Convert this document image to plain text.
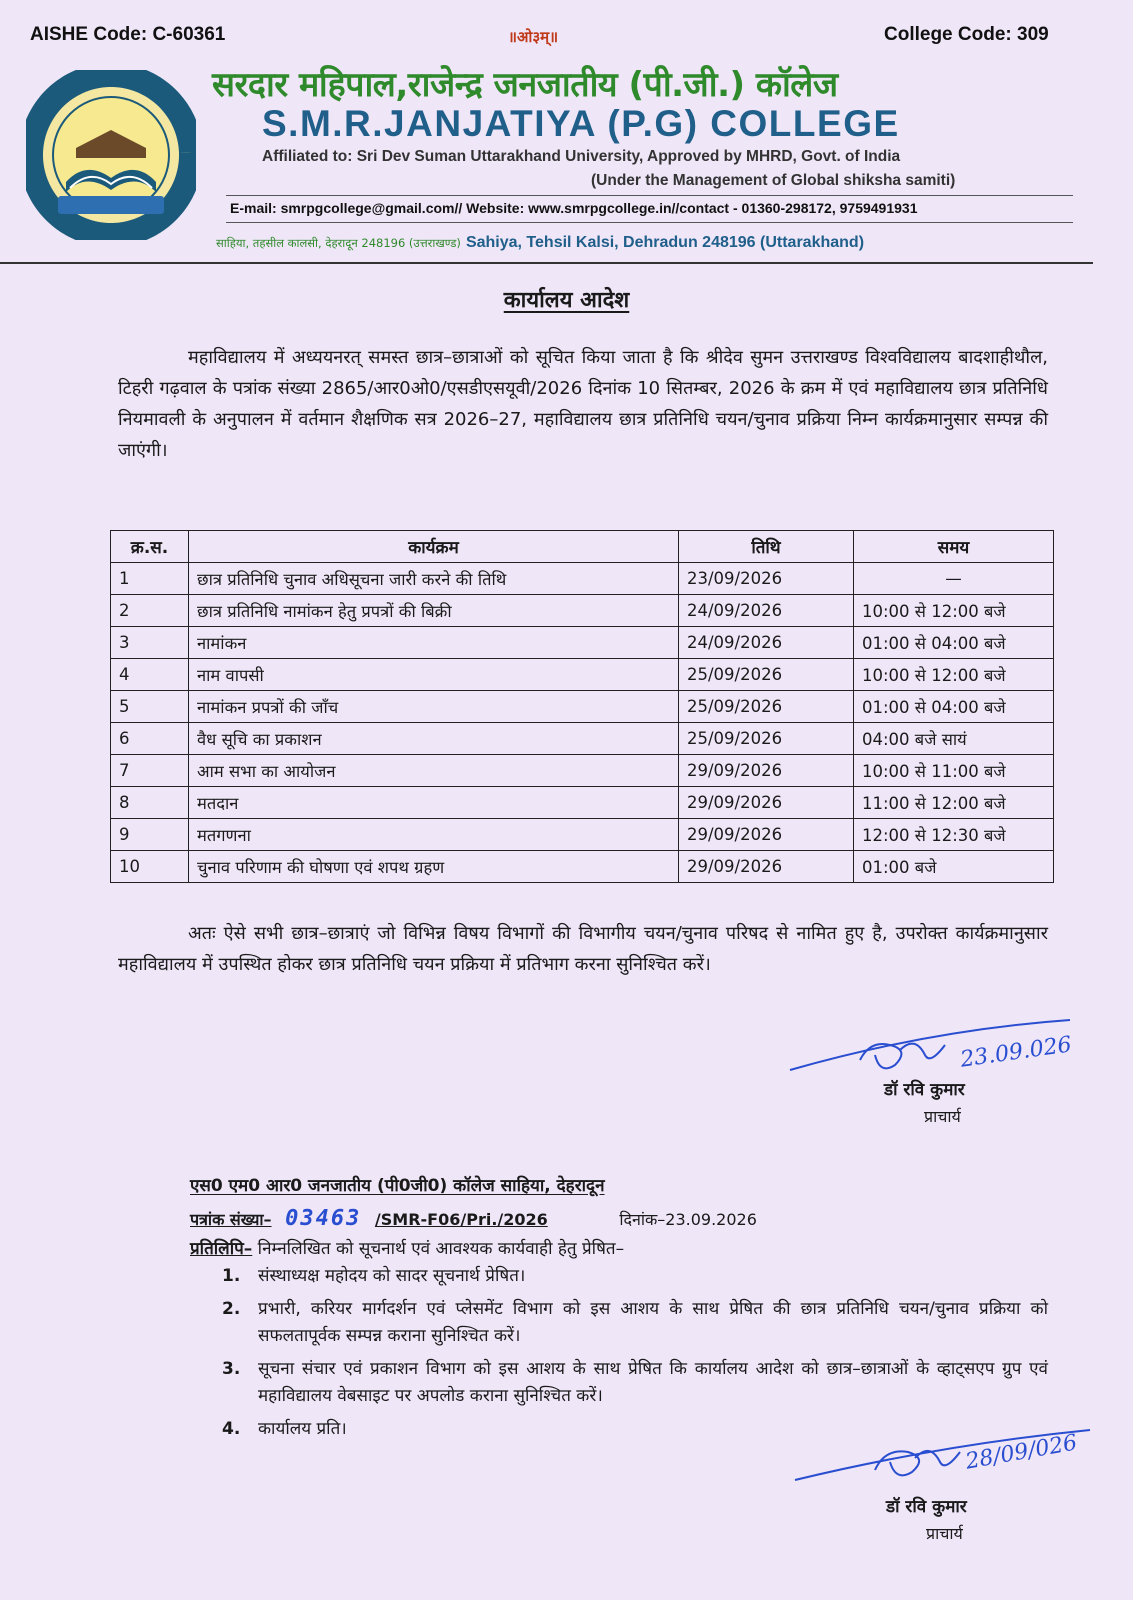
AISHE Code: C-60361	॥ओ३म्॥	College Code: 309
सरदार महिपाल,राजेन्द्र जनजातीय (पी.जी.) कॉलेज
S.M.R.JANJATIYA (P.G) COLLEGE
Affiliated to: Sri Dev Suman Uttarakhand University, Approved by MHRD, Govt. of India
(Under the Management of Global shiksha samiti)
E-mail: smrpgcollege@gmail.com// Website: www.smrpgcollege.in//contact - 01360-298172, 9759491931
साहिया, तहसील कालसी, देहरादून 248196 (उत्तराखण्ड) Sahiya, Tehsil Kalsi, Dehradun 248196 (Uttarakhand)
कार्यालय आदेश
महाविद्यालय में अध्ययनरत् समस्त छात्र–छात्राओं को सूचित किया जाता है कि श्रीदेव सुमन उत्तराखण्ड विश्वविद्यालय बादशाहीथौल, टिहरी गढ़वाल के पत्रांक संख्या 2865/आर0ओ0/एसडीएसयूवी/2026 दिनांक 10 सितम्बर, 2026 के क्रम में एवं महाविद्यालय छात्र प्रतिनिधि नियमावली के अनुपालन में वर्तमान शैक्षणिक सत्र 2026–27, महाविद्यालय छात्र प्रतिनिधि चयन/चुनाव प्रक्रिया निम्न कार्यक्रमानुसार सम्पन्न की जाएंगी।
क्र.स.	कार्यक्रम	तिथि	समय
1	छात्र प्रतिनिधि चुनाव अधिसूचना जारी करने की तिथि	23/09/2026	—
2	छात्र प्रतिनिधि नामांकन हेतु प्रपत्रों की बिक्री	24/09/2026	10:00 से 12:00 बजे
3	नामांकन	24/09/2026	01:00 से 04:00 बजे
4	नाम वापसी	25/09/2026	10:00 से 12:00 बजे
5	नामांकन प्रपत्रों की जाँच	25/09/2026	01:00 से 04:00 बजे
6	वैध सूचि का प्रकाशन	25/09/2026	04:00 बजे सायं
7	आम सभा का आयोजन	29/09/2026	10:00 से 11:00 बजे
8	मतदान	29/09/2026	11:00 से 12:00 बजे
9	मतगणना	29/09/2026	12:00 से 12:30 बजे
10	चुनाव परिणाम की घोषणा एवं शपथ ग्रहण	29/09/2026	01:00 बजे
अतः ऐसे सभी छात्र–छात्राएं जो विभिन्न विषय विभागों की विभागीय चयन/चुनाव परिषद से नामित हुए है, उपरोक्त कार्यक्रमानुसार महाविद्यालय में उपस्थित होकर छात्र प्रतिनिधि चयन प्रक्रिया में प्रतिभाग करना सुनिश्चित करें।
23.09.026
डॉ रवि कुमार
प्राचार्य
एस0 एम0 आर0 जनजातीय (पी0जी0) कॉलेज साहिया, देहरादून
पत्रांक संख्या– 03463 /SMR-F06/Pri./2026	दिनांक–23.09.2026
प्रतिलिपि– निम्नलिखित को सूचनार्थ एवं आवश्यक कार्यवाही हेतु प्रेषित–
1.	संस्थाध्यक्ष महोदय को सादर सूचनार्थ प्रेषित।
2.	प्रभारी, करियर मार्गदर्शन एवं प्लेसमेंट विभाग को इस आशय के साथ प्रेषित की छात्र प्रतिनिधि चयन/चुनाव प्रक्रिया को सफलतापूर्वक सम्पन्न कराना सुनिश्चित करें।
3.	सूचना संचार एवं प्रकाशन विभाग को इस आशय के साथ प्रेषित कि कार्यालय आदेश को छात्र–छात्राओं के व्हाट्सएप ग्रुप एवं महाविद्यालय वेबसाइट पर अपलोड कराना सुनिश्चित करें।
4.	कार्यालय प्रति।
28/09/026
डॉ रवि कुमार
प्राचार्य
